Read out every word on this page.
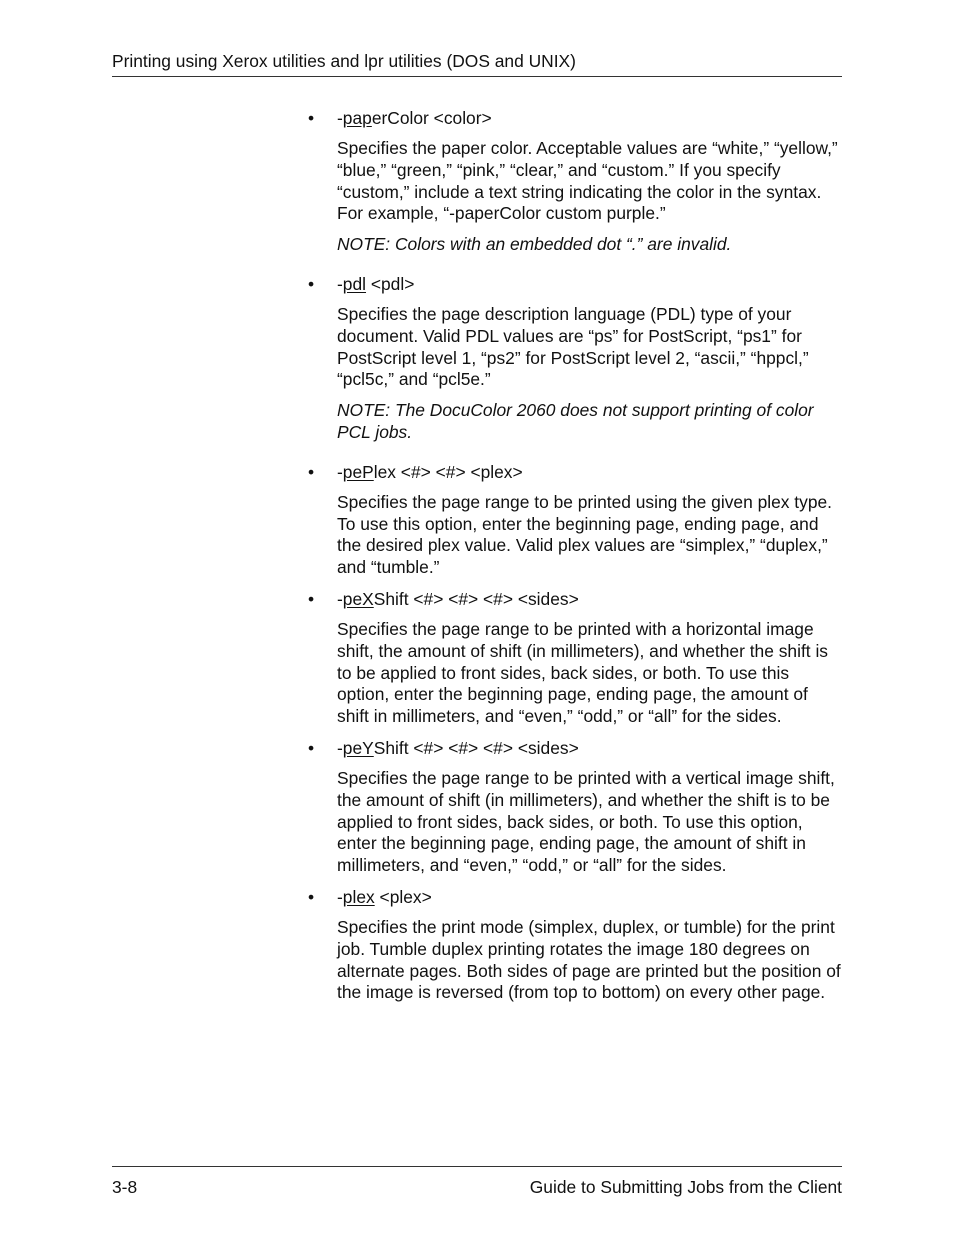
Printing using Xerox utilities and lpr utilities (DOS and UNIX)
•	-paperColor <color>
Specifies the paper color. Acceptable values are “white,” “yellow,” “blue,” “green,” “pink,” “clear,” and “custom.” If you specify “custom,” include a text string indicating the color in the syntax. For example, “-paperColor custom purple.”
NOTE: Colors with an embedded dot “.” are invalid.
•	-pdl <pdl>
Specifies the page description language (PDL) type of your document. Valid PDL values are “ps” for PostScript, “ps1” for PostScript level 1, “ps2” for PostScript level 2, “ascii,” “hppcl,” “pcl5c,” and “pcl5e.”
NOTE: The DocuColor 2060 does not support printing of color PCL jobs.
•	-pePlex <#> <#> <plex>
Specifies the page range to be printed using the given plex type. To use this option, enter the beginning page, ending page, and the desired plex value. Valid plex values are “simplex,” “duplex,” and “tumble.”
•	-peXShift <#> <#> <#> <sides>
Specifies the page range to be printed with a horizontal image shift, the amount of shift (in millimeters), and whether the shift is to be applied to front sides, back sides, or both. To use this option, enter the beginning page, ending page, the amount of shift in millimeters, and “even,” “odd,” or “all” for the sides.
•	-peYShift <#> <#> <#> <sides>
Specifies the page range to be printed with a vertical image shift, the amount of shift (in millimeters), and whether the shift is to be applied to front sides, back sides, or both. To use this option, enter the beginning page, ending page, the amount of shift in millimeters, and “even,” “odd,” or “all” for the sides.
•	-plex <plex>
Specifies the print mode (simplex, duplex, or tumble) for the print job. Tumble duplex printing rotates the image 180 degrees on alternate pages. Both sides of page are printed but the position of the image is reversed (from top to bottom) on every other page.
3-8	Guide to Submitting Jobs from the Client
